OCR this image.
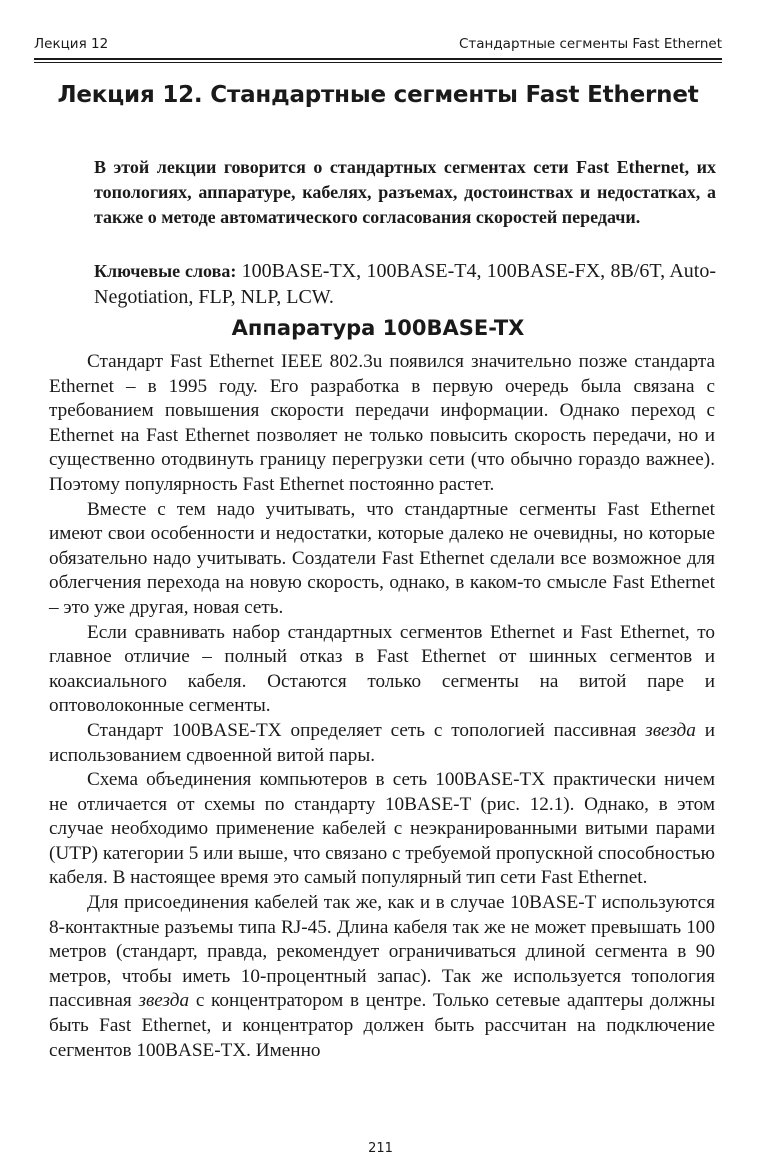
Лекция 12	Стандартные сегменты Fast Ethernet
Лекция 12. Стандартные сегменты Fast Ethernet

В этой лекции говорится о стандартных сегментах сети Fast Ethernet, их топологиях, аппаратуре, кабелях, разъемах, достоинствах и недостатках, а также о методе автоматического согласования скоростей передачи.

Ключевые слова: 100BASE-TX, 100BASE-T4, 100BASE-FX, 8B/6T, Auto-Negotiation, FLP, NLP, LCW.

Аппаратура 100BASE-TX

Стандарт Fast Ethernet IEEE 802.3u появился значительно позже стандарта Ethernet – в 1995 году. Его разработка в первую очередь была связана с требованием повышения скорости передачи информации. Однако переход с Ethernet на Fast Ethernet позволяет не только повысить скорость передачи, но и существенно отодвинуть границу перегрузки сети (что обычно гораздо важнее). Поэтому популярность Fast Ethernet постоянно растет.

Вместе с тем надо учитывать, что стандартные сегменты Fast Ethernet имеют свои особенности и недостатки, которые далеко не очевидны, но которые обязательно надо учитывать. Создатели Fast Ethernet сделали все возможное для облегчения перехода на новую скорость, однако, в каком-то смысле Fast Ethernet – это уже другая, новая сеть.

Если сравнивать набор стандартных сегментов Ethernet и Fast Ethernet, то главное отличие – полный отказ в Fast Ethernet от шинных сегментов и коаксиального кабеля. Остаются только сегменты на витой паре и оптоволоконные сегменты.

Стандарт 100BASE-TX определяет сеть с топологией пассивная звезда и использованием сдвоенной витой пары.

Схема объединения компьютеров в сеть 100BASE-TX практически ничем не отличается от схемы по стандарту 10BASE-T (рис. 12.1). Однако, в этом случае необходимо применение кабелей с неэкранированными витыми парами (UTP) категории 5 или выше, что связано с требуемой пропускной способностью кабеля. В настоящее время это самый популярный тип сети Fast Ethernet.

Для присоединения кабелей так же, как и в случае 10BASE-T используются 8-контактные разъемы типа RJ-45. Длина кабеля так же не может превышать 100 метров (стандарт, правда, рекомендует ограничиваться длиной сегмента в 90 метров, чтобы иметь 10-процентный запас). Так же используется топология пассивная звезда с концентратором в центре. Только сетевые адаптеры должны быть Fast Ethernet, и концентратор должен быть рассчитан на подключение сегментов 100BASE-TX. Именно

211
